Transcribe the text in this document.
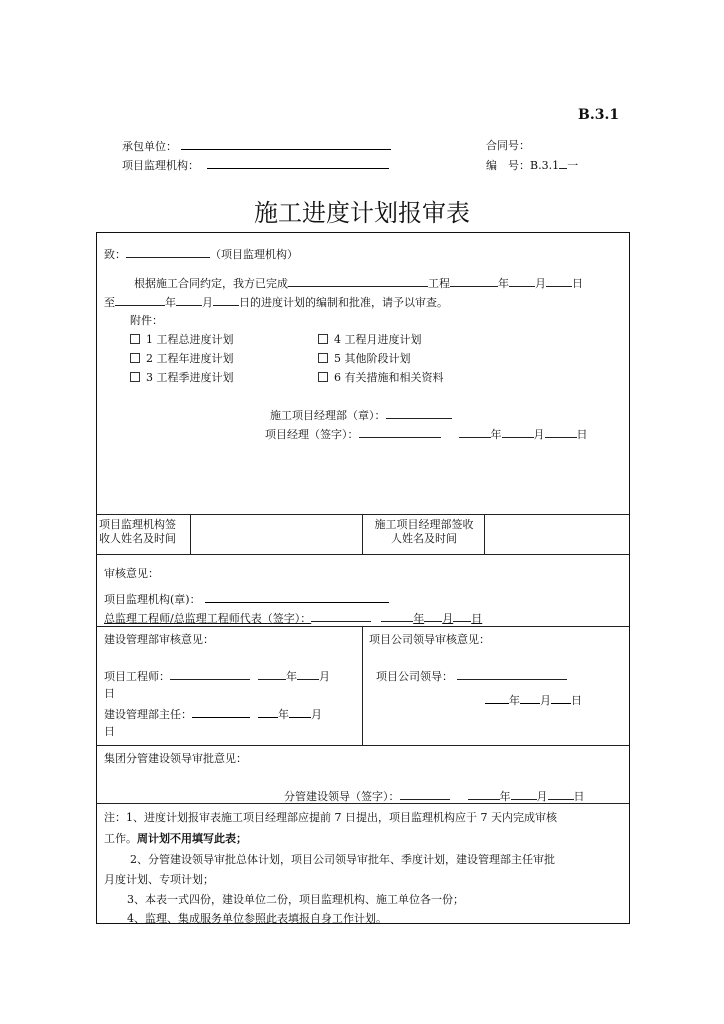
B.3.1
承包单位：
项目监理机构：
合同号：
编　号：B.3.1 一
施工进度计划报审表
致：	（项目监理机构）
根据施工合同约定，我方已完成	工程	年 月 日
至	年 月 日的进度计划的编制和批准，请予以审查。
附件：
1 工程总进度计划
2 工程年进度计划
3 工程季进度计划
4 工程月进度计划
5 其他阶段计划
6 有关措施和相关资料
施工项目经理部（章）：
项目经理（签字）：	年	月	日
项目监理机构签
收人姓名及时间
施工项目经理部签收
人姓名及时间
审核意见：
项目监理机构(章)：
总监理工程师/总监理工程师代表（签字）：	年 月 日
建设管理部审核意见：
项目工程师：	年 月
日
建设管理部主任：	年 月
日
项目公司领导审核意见：
项目公司领导：
年 月 日
集团分管建设领导审批意见：
分管建设领导（签字）：	年 月 日
注：1、进度计划报审表施工项目经理部应提前 7 日提出，项目监理机构应于 7 天内完成审核
工作。周计划不用填写此表；
2、分管建设领导审批总体计划，项目公司领导审批年、季度计划，建设管理部主任审批
月度计划、专项计划；
3、本表一式四份，建设单位二份，项目监理机构、施工单位各一份；
4、监理、集成服务单位参照此表填报自身工作计划。
